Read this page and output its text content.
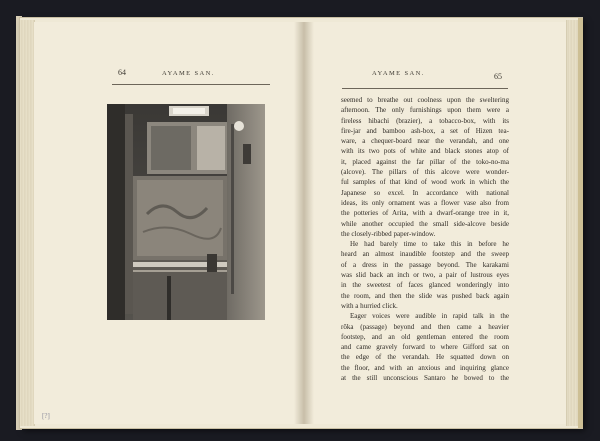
64	AYAME SAN.
[?]
AYAME SAN.	65
seemed to breathe out coolness upon the sweltering
afternoon. The only furnishings upon them were a
fireless hibachi (brazier), a tobacco-box, with its
fire-jar and bamboo ash-box, a set of Hizen tea-
ware, a chequer-board near the verandah, and one
with its two pots of white and black stones atop of
it, placed against the far pillar of the toko-no-ma
(alcove). The pillars of this alcove were wonder-
ful samples of that kind of wood work in which the
Japanese so excel. In accordance with national
ideas, its only ornament was a flower vase also from
the potteries of Arita, with a dwarf-orange tree in it,
while another occupied the small side-alcove beside
the closely-ribbed paper-window.
He had barely time to take this in before he
heard an almost inaudible footstep and the sweep
of a dress in the passage beyond. The karakami
was slid back an inch or two, a pair of lustrous eyes
in the sweetest of faces glanced wonderingly into
the room, and then the slide was pushed back again
with a hurried click.
Eager voices were audible in rapid talk in the
rōka (passage) beyond and then came a heavier
footstep, and an old gentleman entered the room
and came gravely forward to where Gifford sat on
the edge of the verandah. He squatted down on
the floor, and with an anxious and inquiring glance
at the still unconscious Santaro he bowed to the
